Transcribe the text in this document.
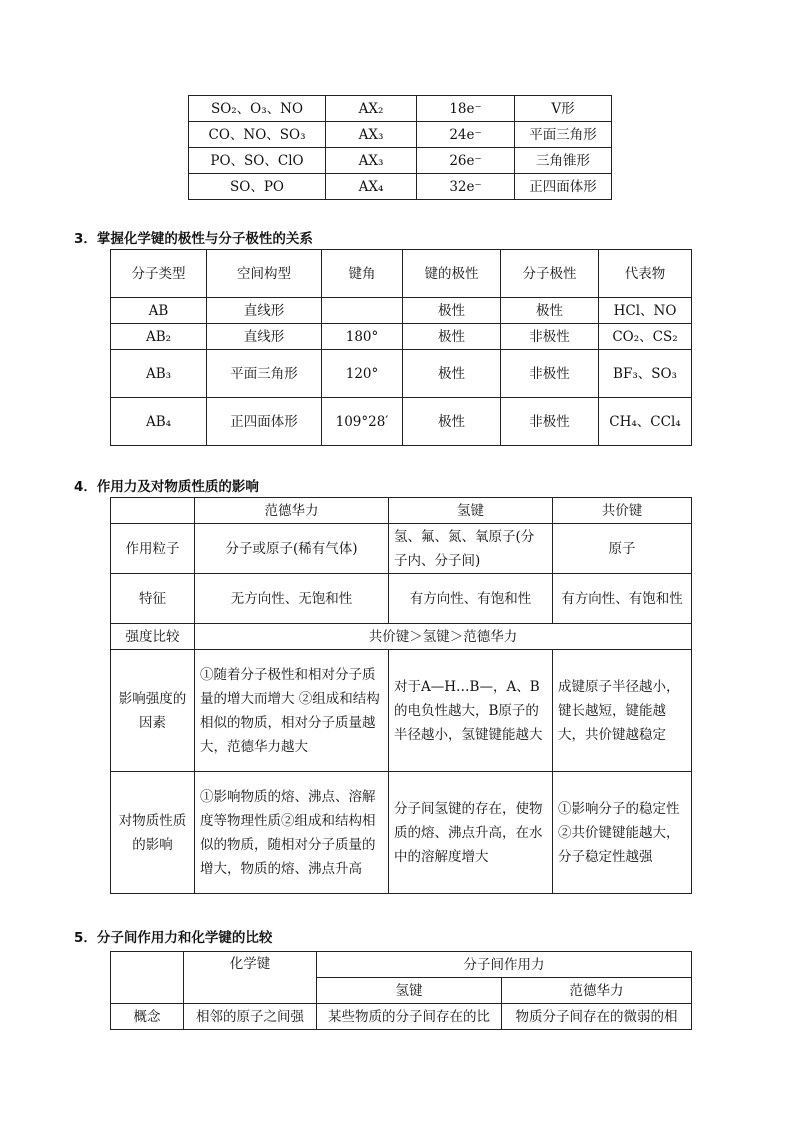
SO₂、O₃、NO	AX₂	18e⁻	V形
CO、NO、SO₃	AX₃	24e⁻	平面三角形
PO、SO、ClO	AX₃	26e⁻	三角锥形
SO、PO	AX₄	32e⁻	正四面体形
3．掌握化学键的极性与分子极性的关系
分子类型	空间构型	键角	键的极性	分子极性	代表物
AB	直线形		极性	极性	HCl、NO
AB₂	直线形	180°	极性	非极性	CO₂、CS₂
AB₃	平面三角形	120°	极性	非极性	BF₃、SO₃
AB₄	正四面体形	109°28′	极性	非极性	CH₄、CCl₄
4．作用力及对物质性质的影响
	范德华力	氢键	共价键
作用粒子	分子或原子(稀有气体)	氢、氟、氮、氧原子(分子内、分子间)	原子
特征	无方向性、无饱和性	有方向性、有饱和性	有方向性、有饱和性
强度比较	共价键＞氢键＞范德华力		
影响强度的因素	①随着分子极性和相对分子质量的增大而增大 ②组成和结构相似的物质，相对分子质量越大，范德华力越大	对于A—H…B—，A、B的电负性越大，B原子的半径越小，氢键键能越大	成键原子半径越小，键长越短，键能越大，共价键越稳定
对物质性质的影响	①影响物质的熔、沸点、溶解度等物理性质②组成和结构相似的物质，随相对分子质量的增大，物质的熔、沸点升高	分子间氢键的存在，使物质的熔、沸点升高，在水中的溶解度增大	①影响分子的稳定性 ②共价键键能越大，分子稳定性越强
5．分子间作用力和化学键的比较
	化学键	分子间作用力	
		氢键	范德华力
概念	相邻的原子之间强	某些物质的分子间存在的比	物质分子间存在的微弱的相
